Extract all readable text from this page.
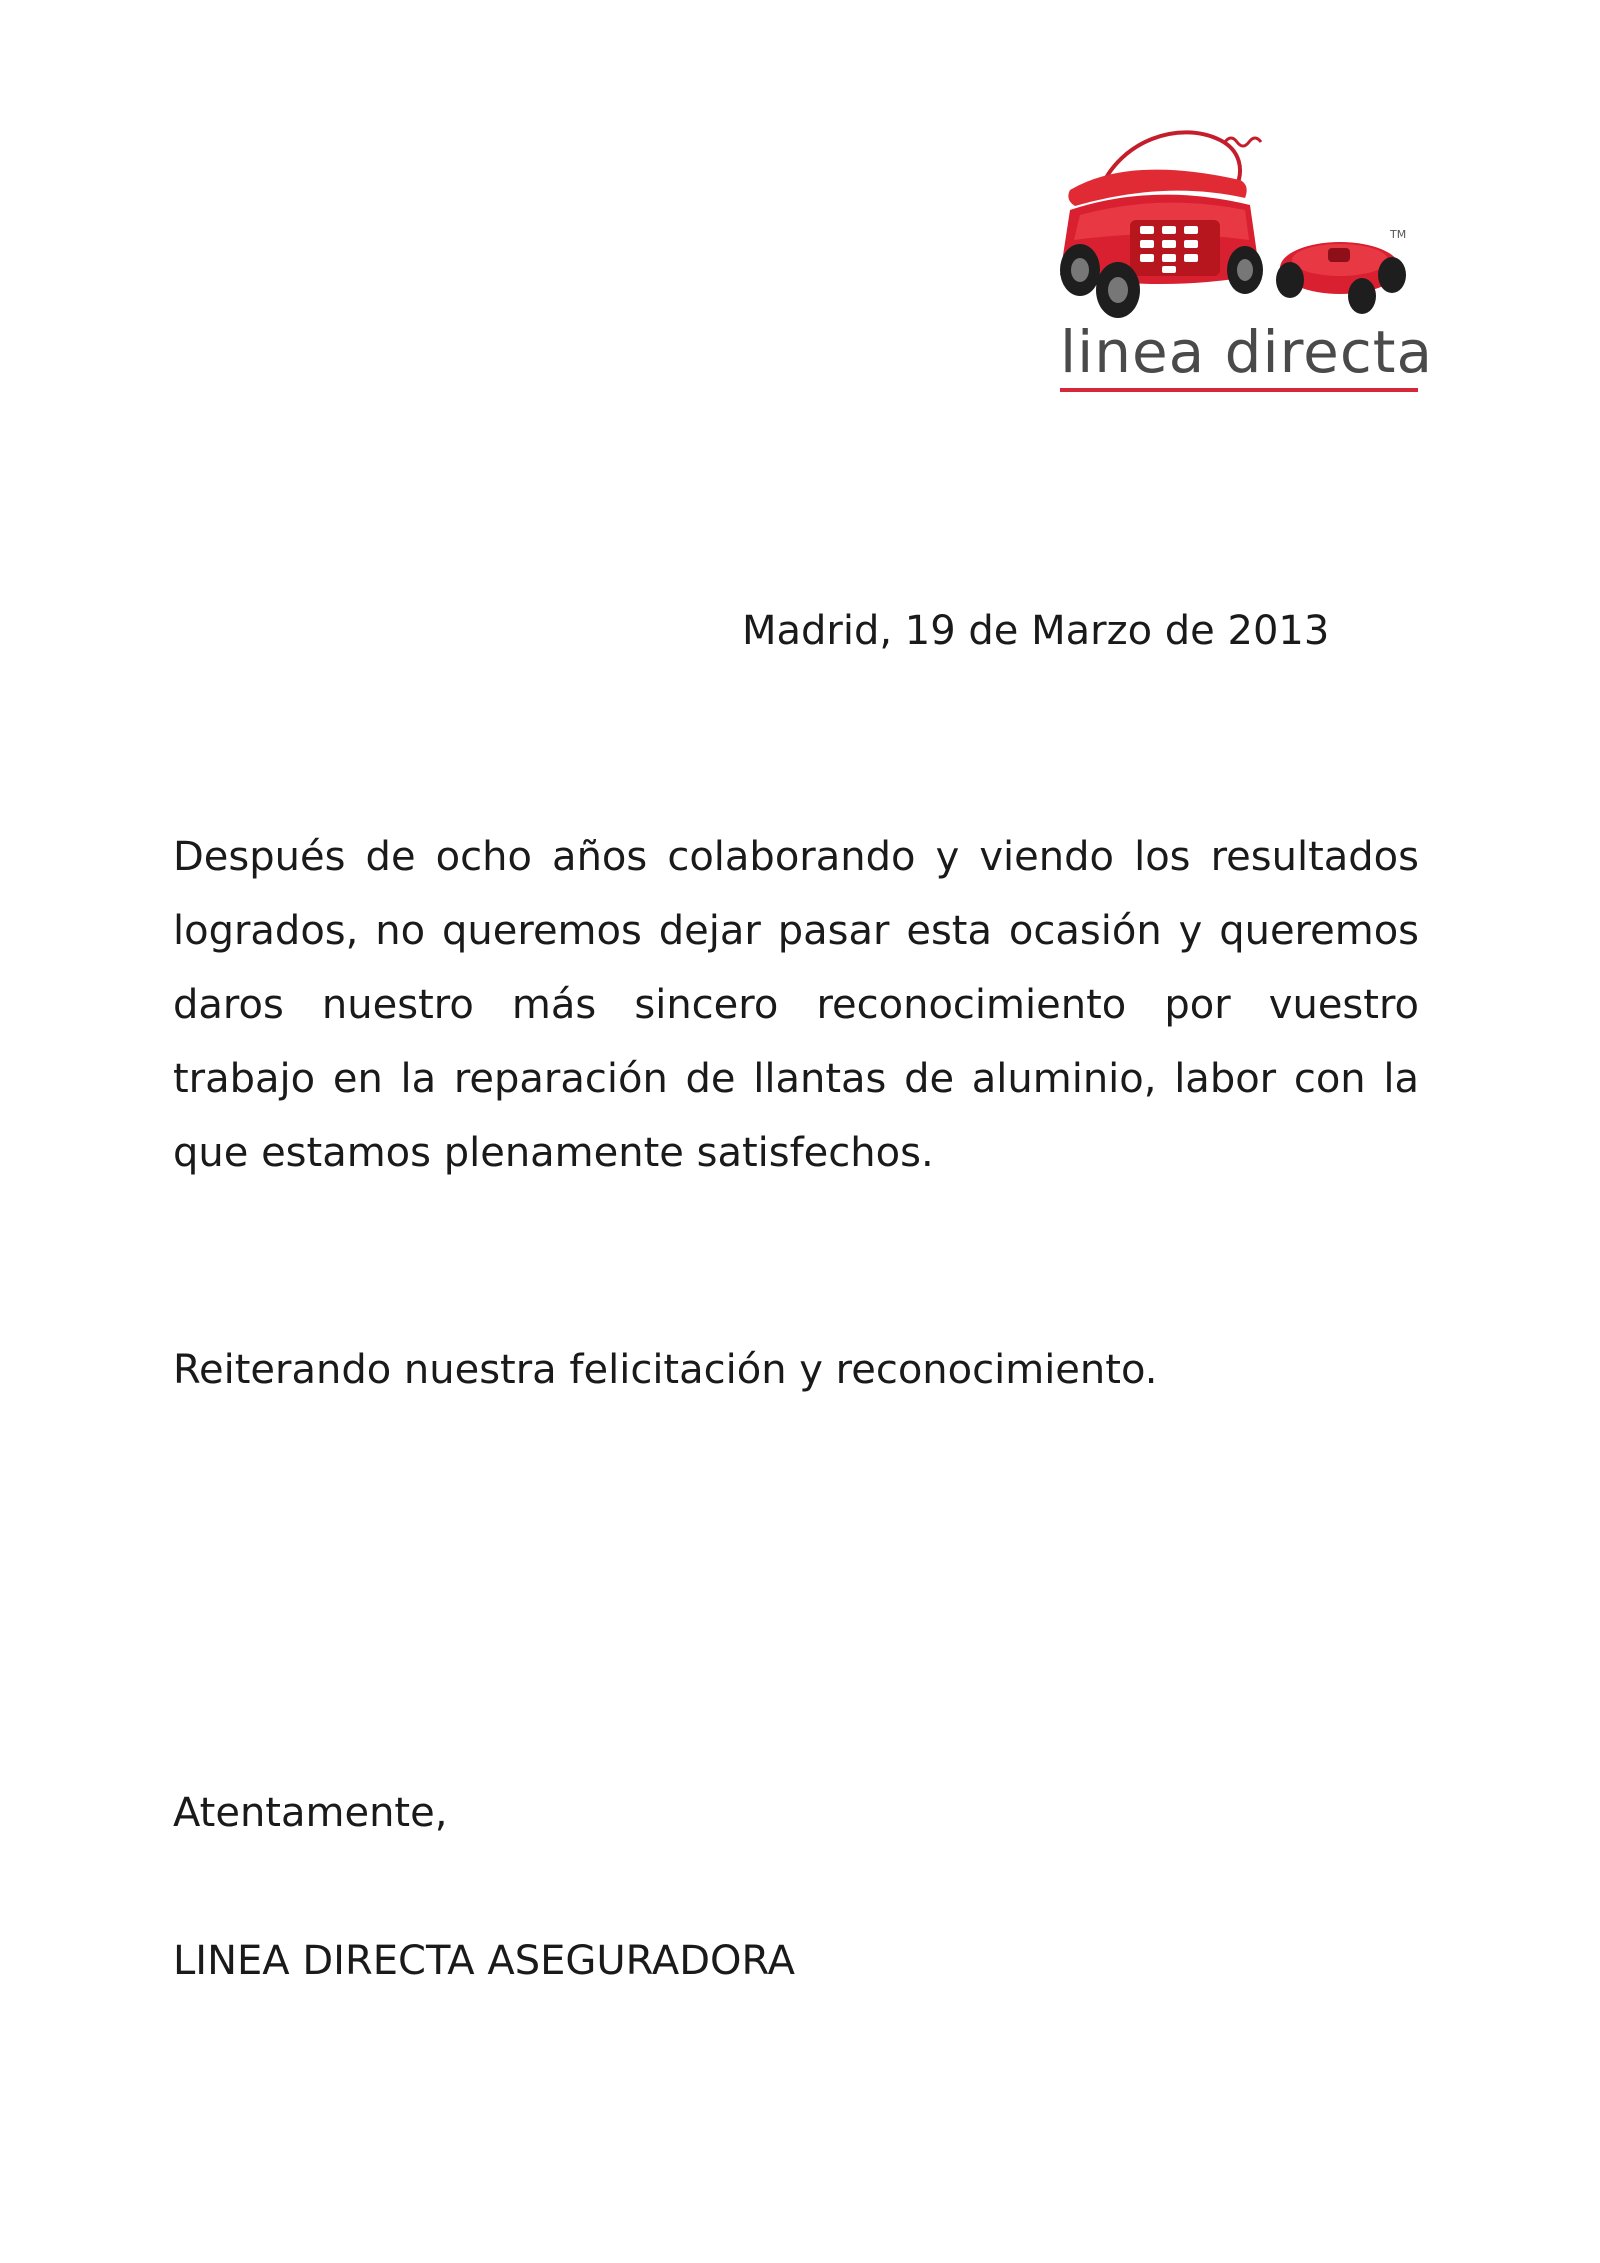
TM
linea directa
Madrid, 19 de Marzo de 2013

Después de ocho años colaborando y viendo los resultados logrados, no queremos dejar pasar esta ocasión y queremos daros nuestro más sincero reconocimiento por vuestro trabajo en la reparación de llantas de aluminio, labor con la que estamos plenamente satisfechos.

Reiterando nuestra felicitación y reconocimiento.
Atentamente,
LINEA DIRECTA ASEGURADORA
